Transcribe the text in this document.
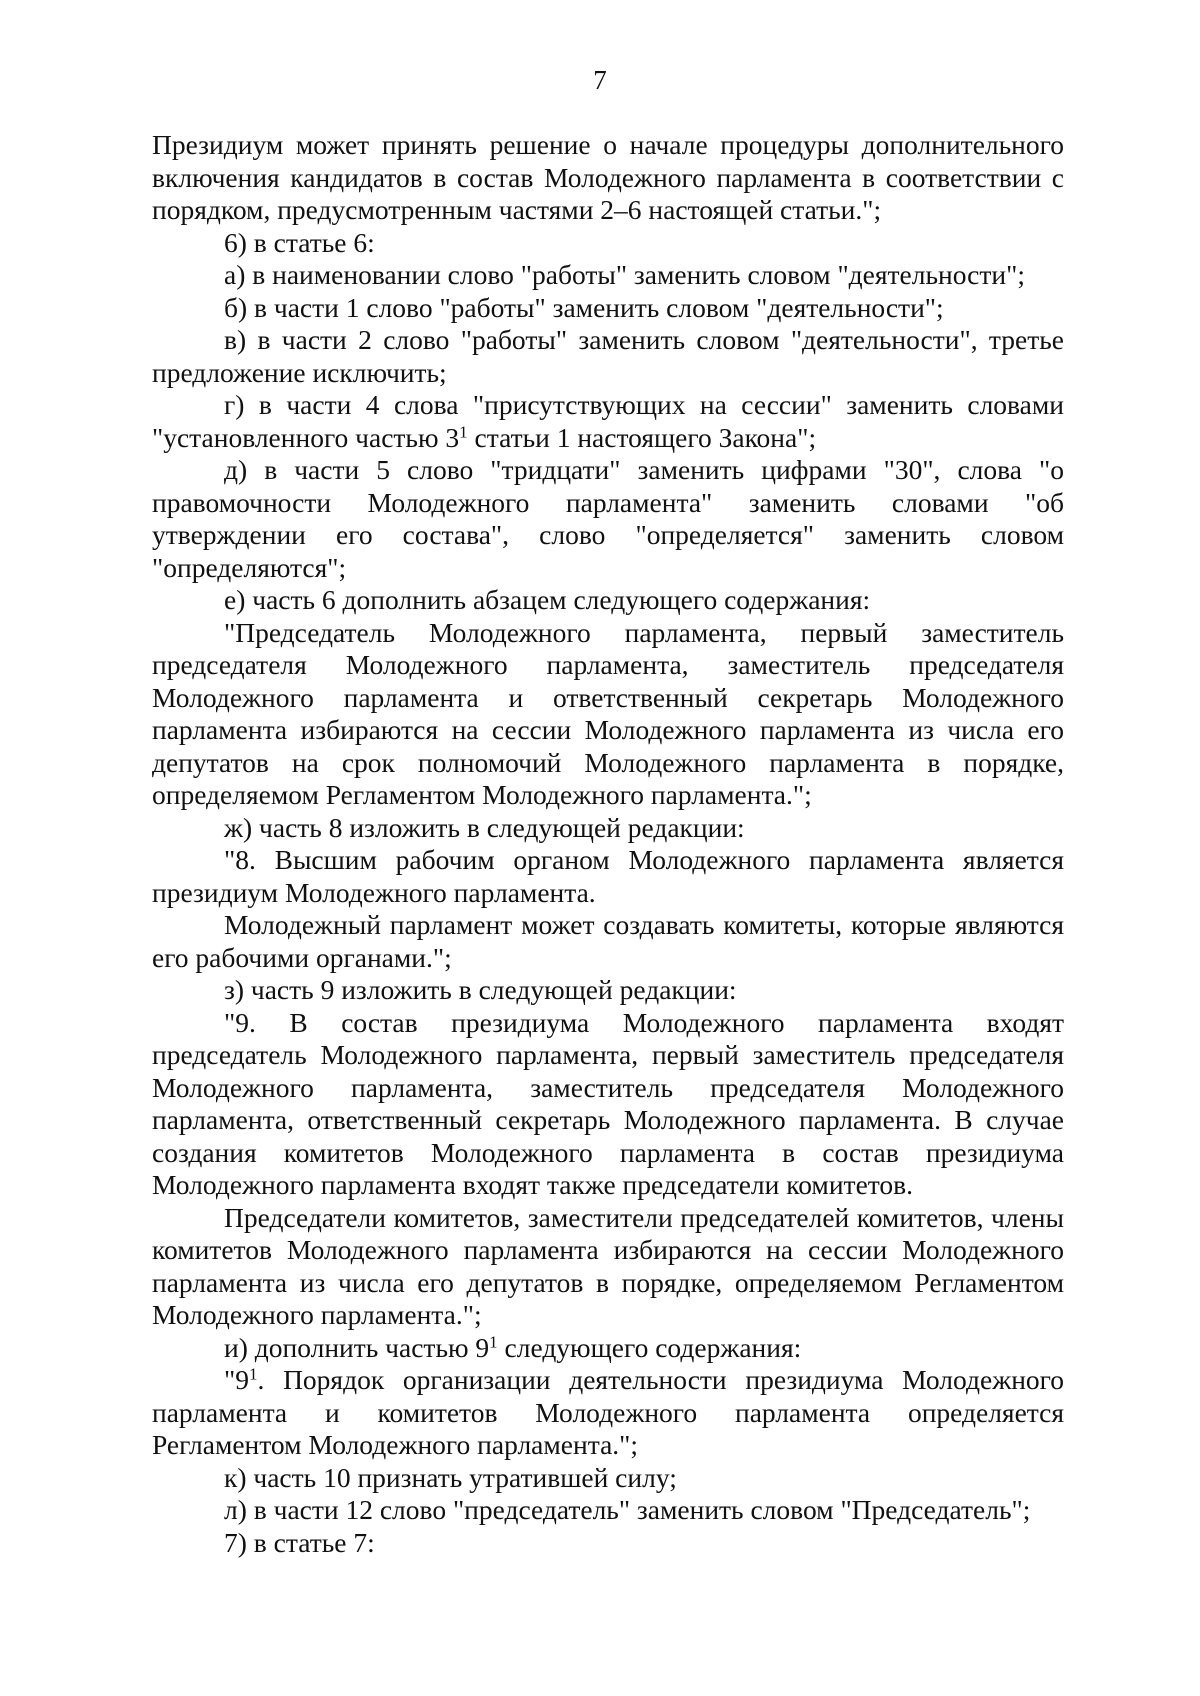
7

Президиум может принять решение о начале процедуры дополнительного включения кандидатов в состав Молодежного парламента в соответствии с порядком, предусмотренным частями 2–6 настоящей статьи.";

6) в статье 6:

а) в наименовании слово "работы" заменить словом "деятельности";

б) в части 1 слово "работы" заменить словом "деятельности";

в) в части 2 слово "работы" заменить словом "деятельности", третье предложение исключить;

г) в части 4 слова "присутствующих на сессии" заменить словами "установленного частью $3^1$ статьи 1 настоящего Закона";

д) в части 5 слово "тридцати" заменить цифрами "30", слова "о правомочности Молодежного парламента" заменить словами "об утверждении его состава", слово "определяется" заменить словом "определяются";

е) часть 6 дополнить абзацем следующего содержания:

"Председатель Молодежного парламента, первый заместитель председателя Молодежного парламента, заместитель председателя Молодежного парламента и ответственный секретарь Молодежного парламента избираются на сессии Молодежного парламента из числа его депутатов на срок полномочий Молодежного парламента в порядке, определяемом Регламентом Молодежного парламента.";

ж) часть 8 изложить в следующей редакции:

"8. Высшим рабочим органом Молодежного парламента является президиум Молодежного парламента.

Молодежный парламент может создавать комитеты, которые являются его рабочими органами.";

з) часть 9 изложить в следующей редакции:

"9. В состав президиума Молодежного парламента входят председатель Молодежного парламента, первый заместитель председателя Молодежного парламента, заместитель председателя Молодежного парламента, ответственный секретарь Молодежного парламента. В случае создания комитетов Молодежного парламента в состав президиума Молодежного парламента входят также председатели комитетов.

Председатели комитетов, заместители председателей комитетов, члены комитетов Молодежного парламента избираются на сессии Молодежного парламента из числа его депутатов в порядке, определяемом Регламентом Молодежного парламента.";

и) дополнить частью $9^1$ следующего содержания:

"$9^1$. Порядок организации деятельности президиума Молодежного парламента и комитетов Молодежного парламента определяется Регламентом Молодежного парламента.";

к) часть 10 признать утратившей силу;

л) в части 12 слово "председатель" заменить словом "Председатель";

7) в статье 7:
